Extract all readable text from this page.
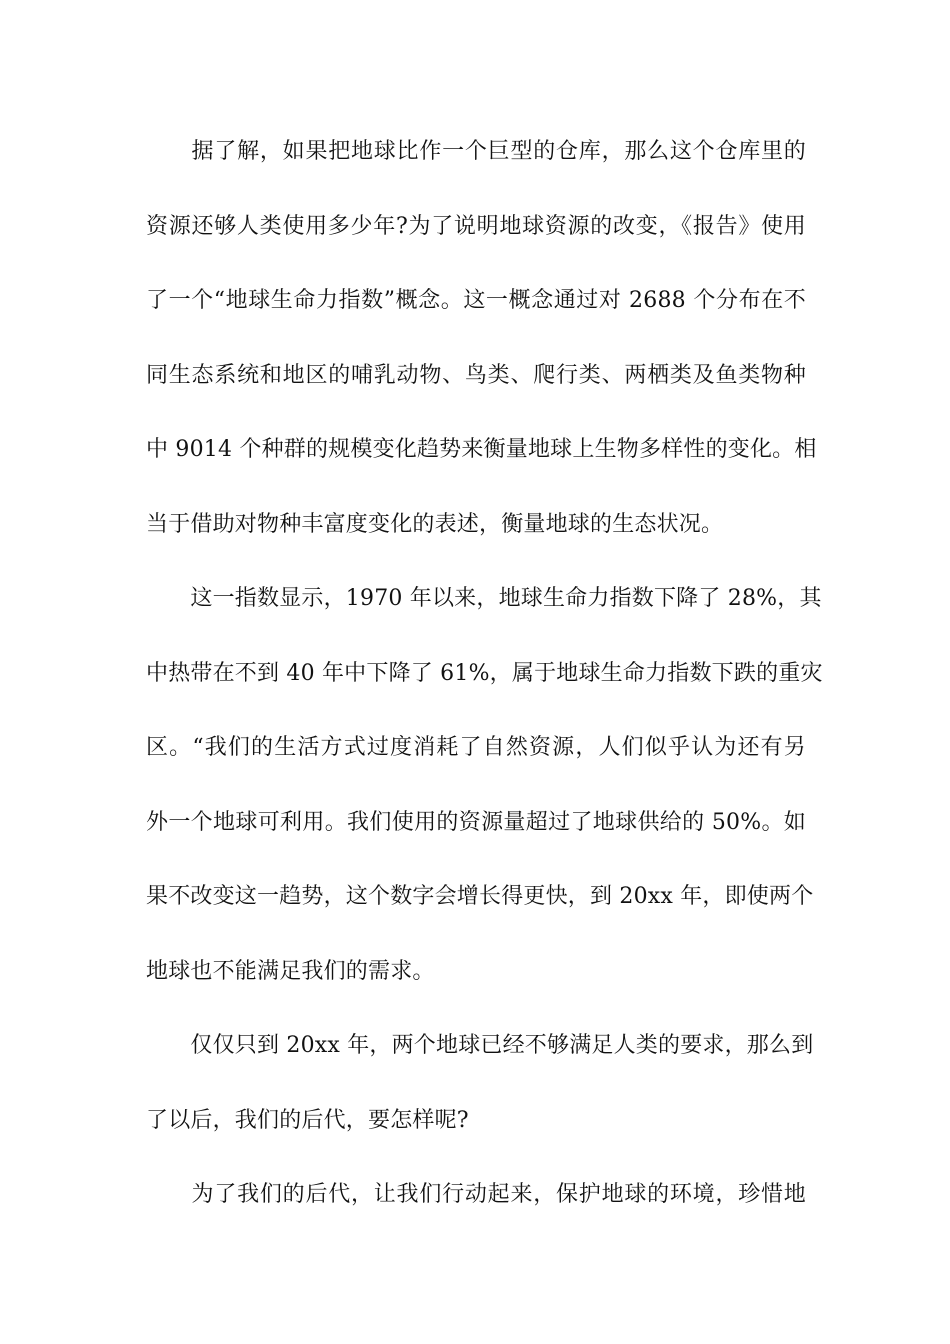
　　据了解，如果把地球比作一个巨型的仓库，那么这个仓库里的
资源还够人类使用多少年?为了说明地球资源的改变，《报告》使用
了一个“地球生命力指数”概念。这一概念通过对 2688 个分布在不
同生态系统和地区的哺乳动物、鸟类、爬行类、两栖类及鱼类物种
中 9014 个种群的规模变化趋势来衡量地球上生物多样性的变化。相
当于借助对物种丰富度变化的表述，衡量地球的生态状况。
　　这一指数显示，1970 年以来，地球生命力指数下降了 28%，其
中热带在不到 40 年中下降了 61%，属于地球生命力指数下跌的重灾
区。“我们的生活方式过度消耗了自然资源，人们似乎认为还有另
外一个地球可利用。我们使用的资源量超过了地球供给的 50%。如
果不改变这一趋势，这个数字会增长得更快，到 20xx 年，即使两个
地球也不能满足我们的需求。
　　仅仅只到 20xx 年，两个地球已经不够满足人类的要求，那么到
了以后，我们的后代，要怎样呢?
　　为了我们的后代，让我们行动起来，保护地球的环境，珍惜地
